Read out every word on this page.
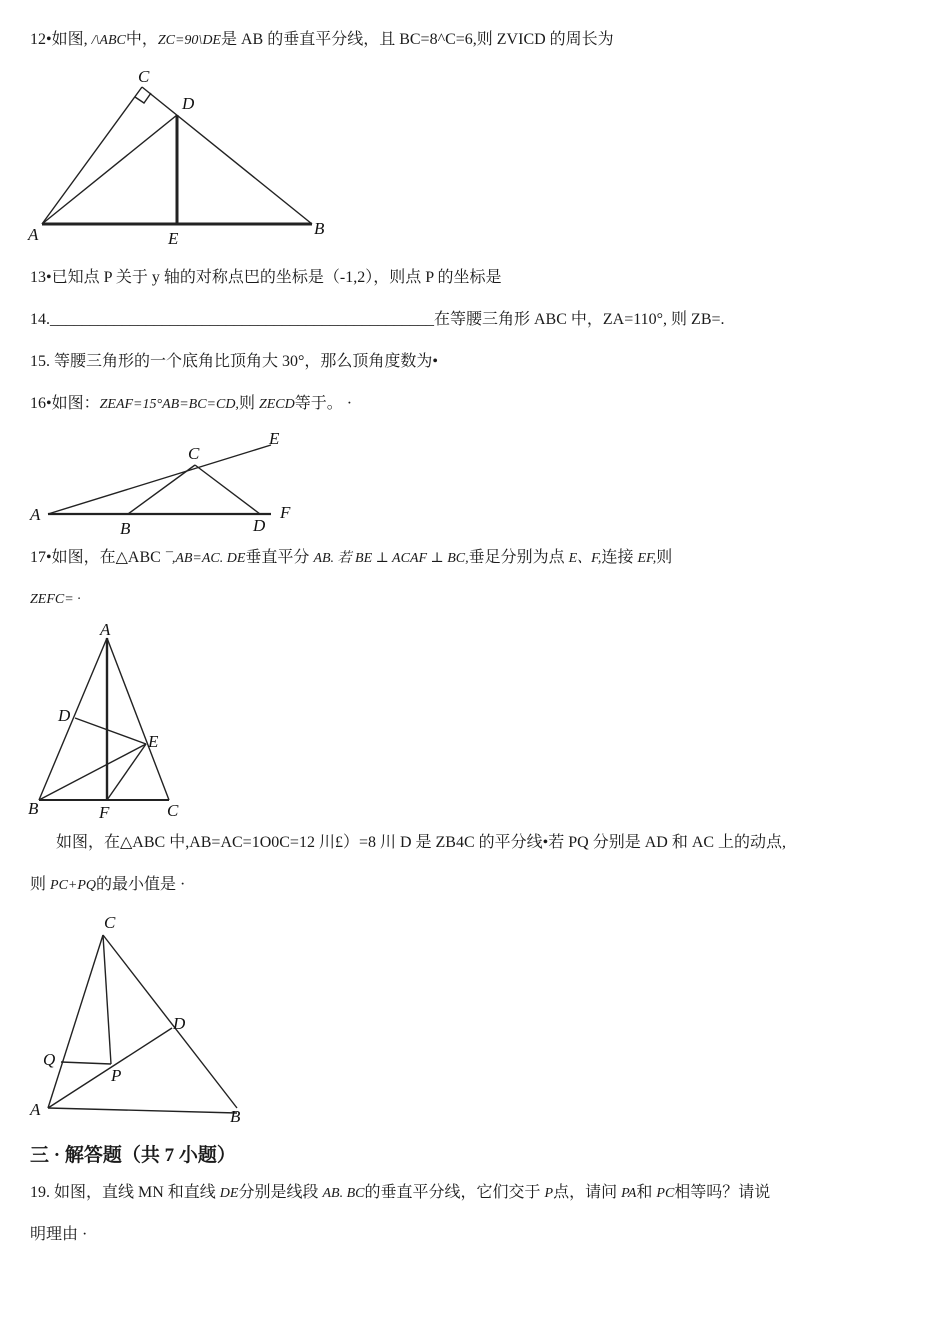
12•如图, /\ABC中，ZC=90\DE是 AB 的垂直平分线，且 BC=8^C=6,则 ZVICD 的周长为
C
D
A	E
B
13•已知点 P 关于 y 轴的对称点巴的坐标是（-1,2），则点 P 的坐标是
14.________________________________________________在等腰三角形 ABC 中，ZA=110°, 则 ZB=.
15. 等腰三角形的一个底角比顶角大 30°，那么顶角度数为•
16•如图：ZEAF=15°AB=BC=CD,则 ZECD等于。 ·
A
B
C
D
E
F
17•如图，在△ABC ¯,AB=AC. DE垂直平分 AB. 若 BE ⊥ ACAF ⊥ BC,垂足分别为点 E、F,连接 EF,则
ZEFC= ·
A
D
E
B	F	C
如图，在△ABC 中,AB=AC=1O0C=12 川£）=8 川 D 是 ZB4C 的平分线•若 PQ 分别是 AD 和 AC 上的动点,
则 PC+PQ的最小值是 ·
C
D
Q
P
A	B
三 · 解答题（共 7 小题）
19. 如图，直线 MN 和直线 DE分别是线段 AB. BC的垂直平分线，它们交于 P点，请问 PA和 PC相等吗？请说
明理由 ·
